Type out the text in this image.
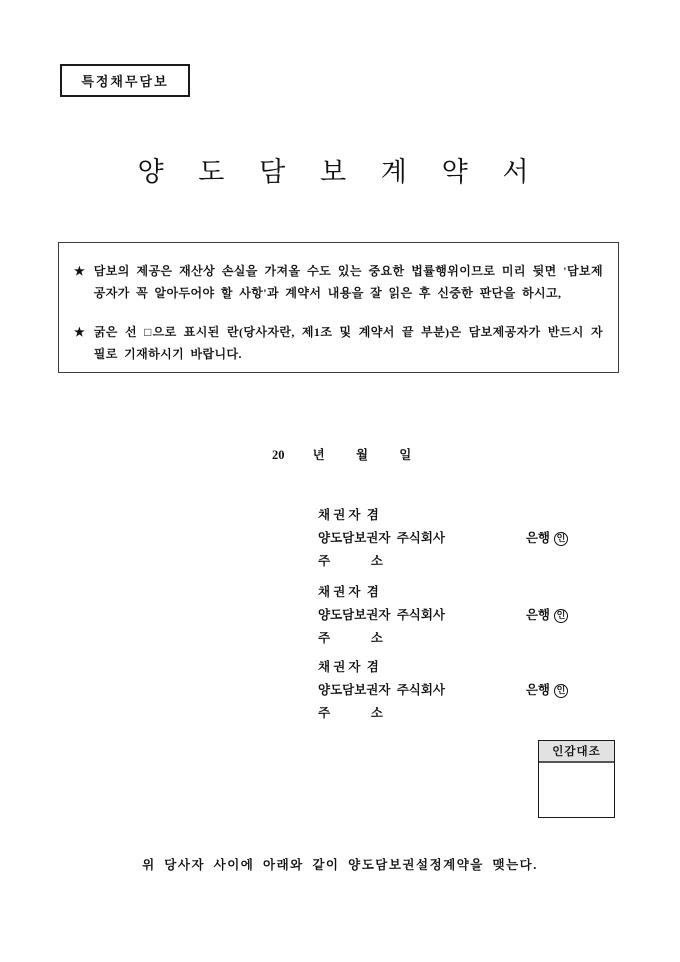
특정채무담보
양 도 담 보 계 약 서
★ 담보의 제공은 재산상 손실을 가져올 수도 있는 중요한 법률행위이므로 미리 뒷면 '담보제공자가 꼭 알아두어야 할 사항'과 계약서 내용을 잘 읽은 후 신중한 판단을 하시고,
★ 굵은 선 □으로 표시된 란(당사자란, 제1조 및 계약서 끝 부분)은 담보제공자가 반드시 자필로 기재하시기 바랍니다.
20         년          월          일
채 권 자  겸
양도담보권자  주식회사	은행 인
주             소
채 권 자  겸
양도담보권자  주식회사	은행 인
주             소
채 권 자  겸
양도담보권자  주식회사	은행 인
주             소
인감대조
위 당사자 사이에 아래와 같이 양도담보권설정계약을 맺는다.
